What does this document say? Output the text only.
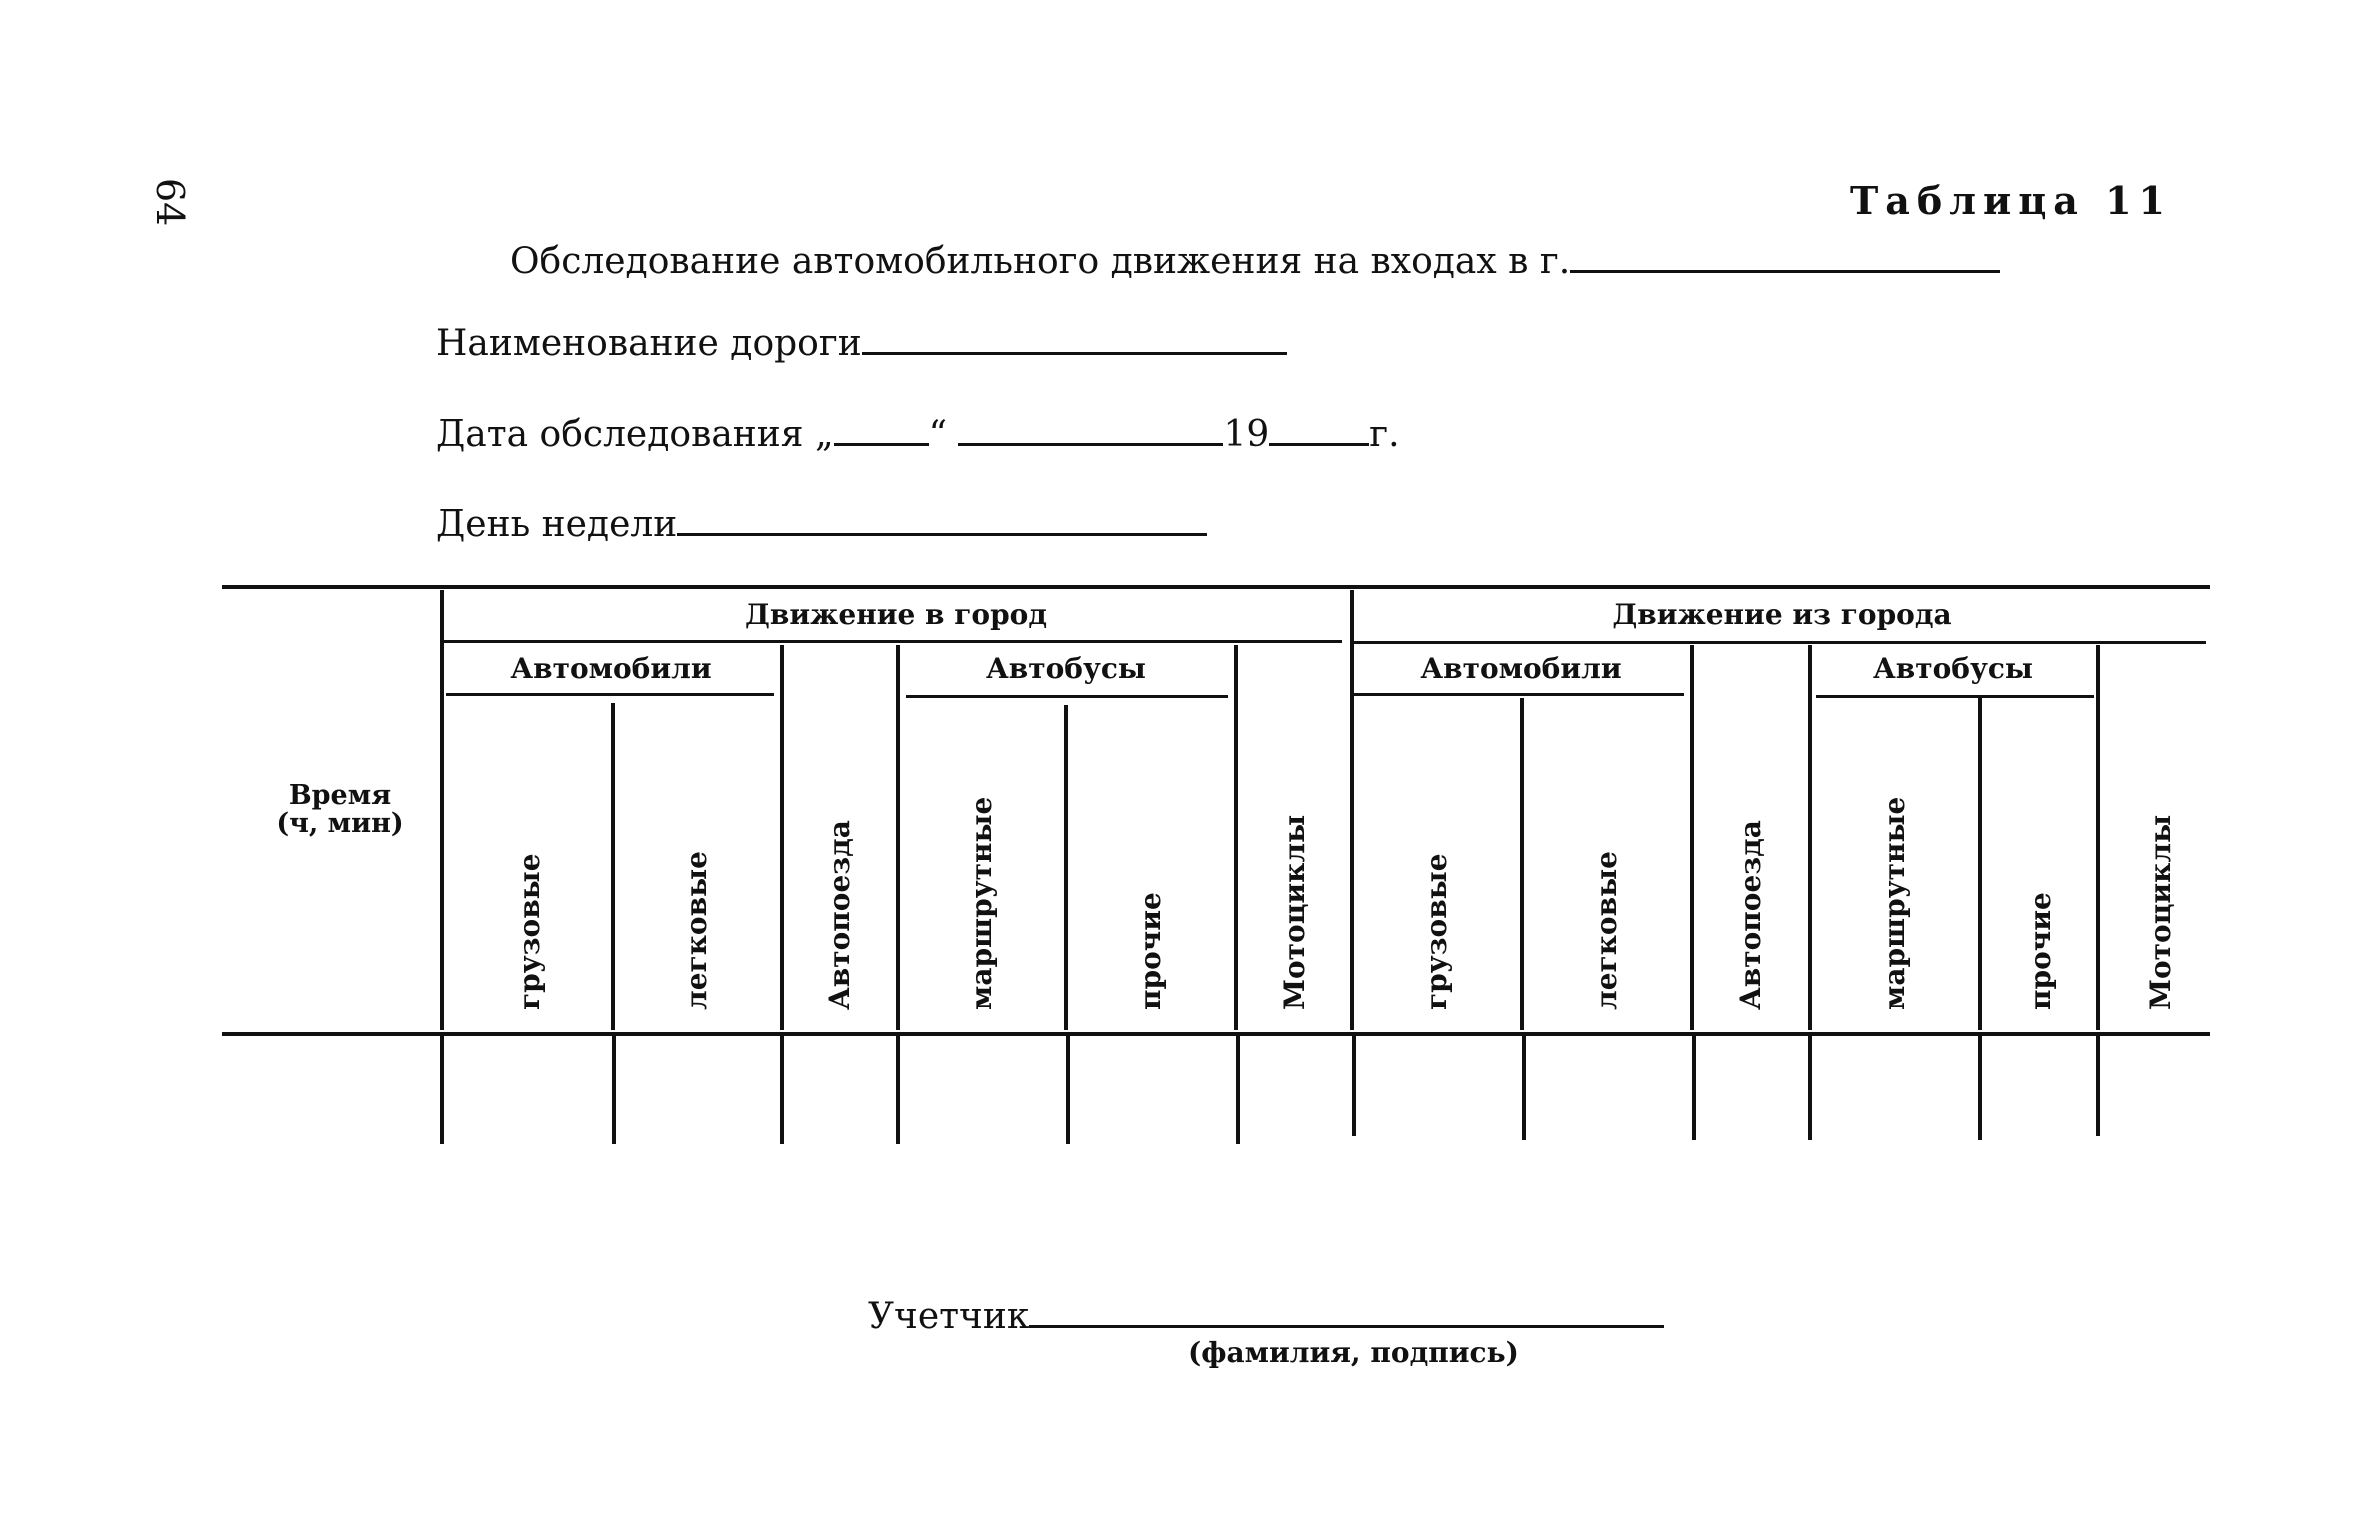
64	Таблица 11
Обследование автомобильного движения на входах в г.
Наименование дороги
Дата обследования „	“	19	г.
День недели
Время
(ч, мин)
Движение в город	Движение из города
Автомобили	Автобусы	Автомобили	Автобусы
грузовые	легковые	Автопоезда	маршрутные	прочие	Мотоциклы	грузовые	легковые	Автопоезда	маршрутные	прочие	Мотоциклы
Учетчик
(фамилия, подпись)
